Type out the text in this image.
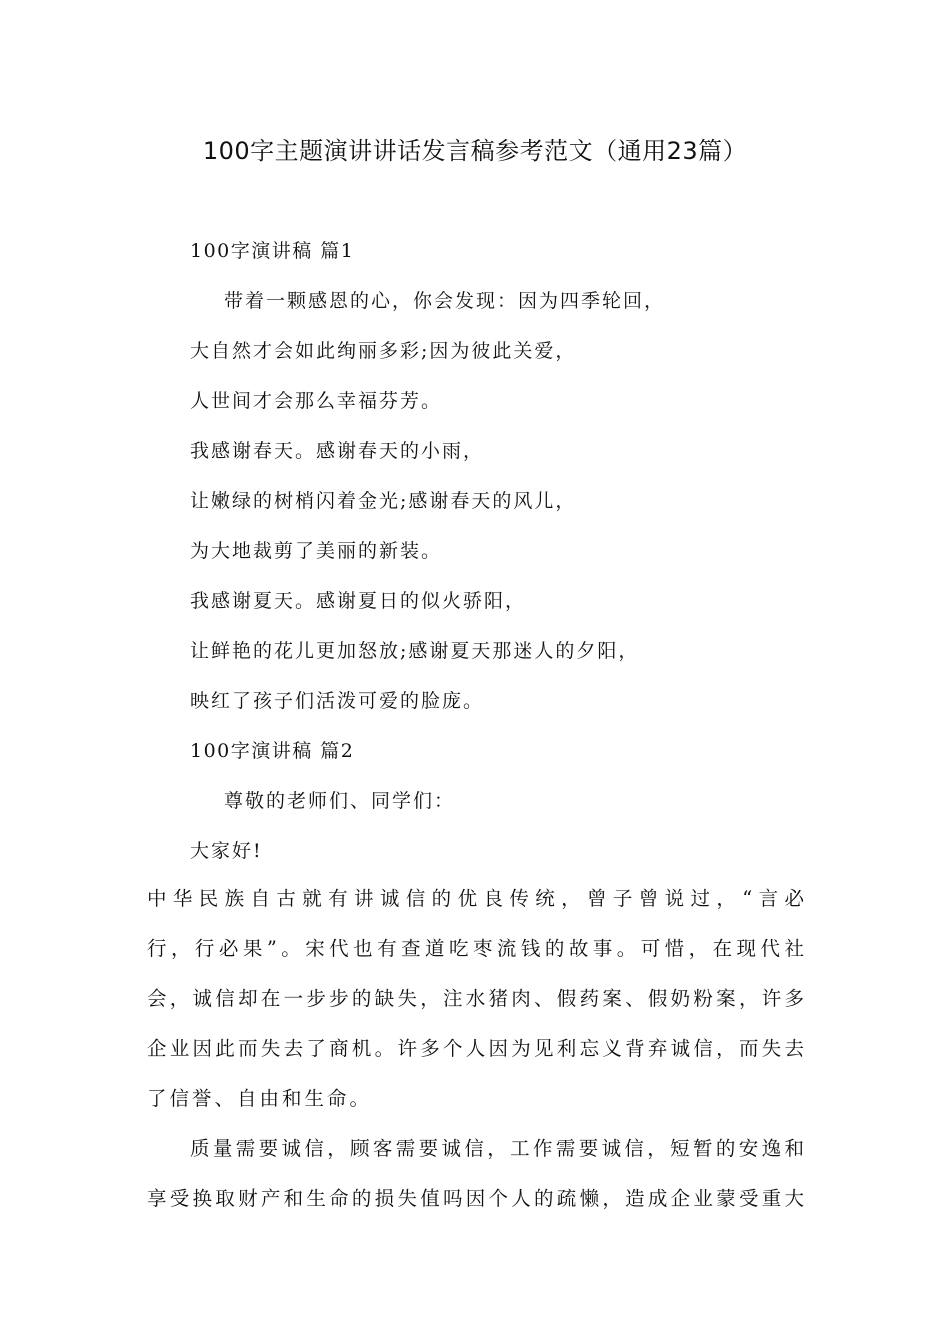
100字主题演讲讲话发言稿参考范文（通用23篇）
100字演讲稿 篇1
带着一颗感恩的心，你会发现：因为四季轮回，
大自然才会如此绚丽多彩;因为彼此关爱，
人世间才会那么幸福芬芳。
我感谢春天。感谢春天的小雨，
让嫩绿的树梢闪着金光;感谢春天的风儿，
为大地裁剪了美丽的新装。
我感谢夏天。感谢夏日的似火骄阳，
让鲜艳的花儿更加怒放;感谢夏天那迷人的夕阳，
映红了孩子们活泼可爱的脸庞。
100字演讲稿 篇2
尊敬的老师们、同学们：
大家好!
中华民族自古就有讲诚信的优良传统，曾子曾说过，“言必
行，行必果”。宋代也有查道吃枣流钱的故事。可惜，在现代社
会，诚信却在一步步的缺失，注水猪肉、假药案、假奶粉案，许多
企业因此而失去了商机。许多个人因为见利忘义背弃诚信，而失去
了信誉、自由和生命。
质量需要诚信，顾客需要诚信，工作需要诚信，短暂的安逸和
享受换取财产和生命的损失值吗因个人的疏懒，造成企业蒙受重大
